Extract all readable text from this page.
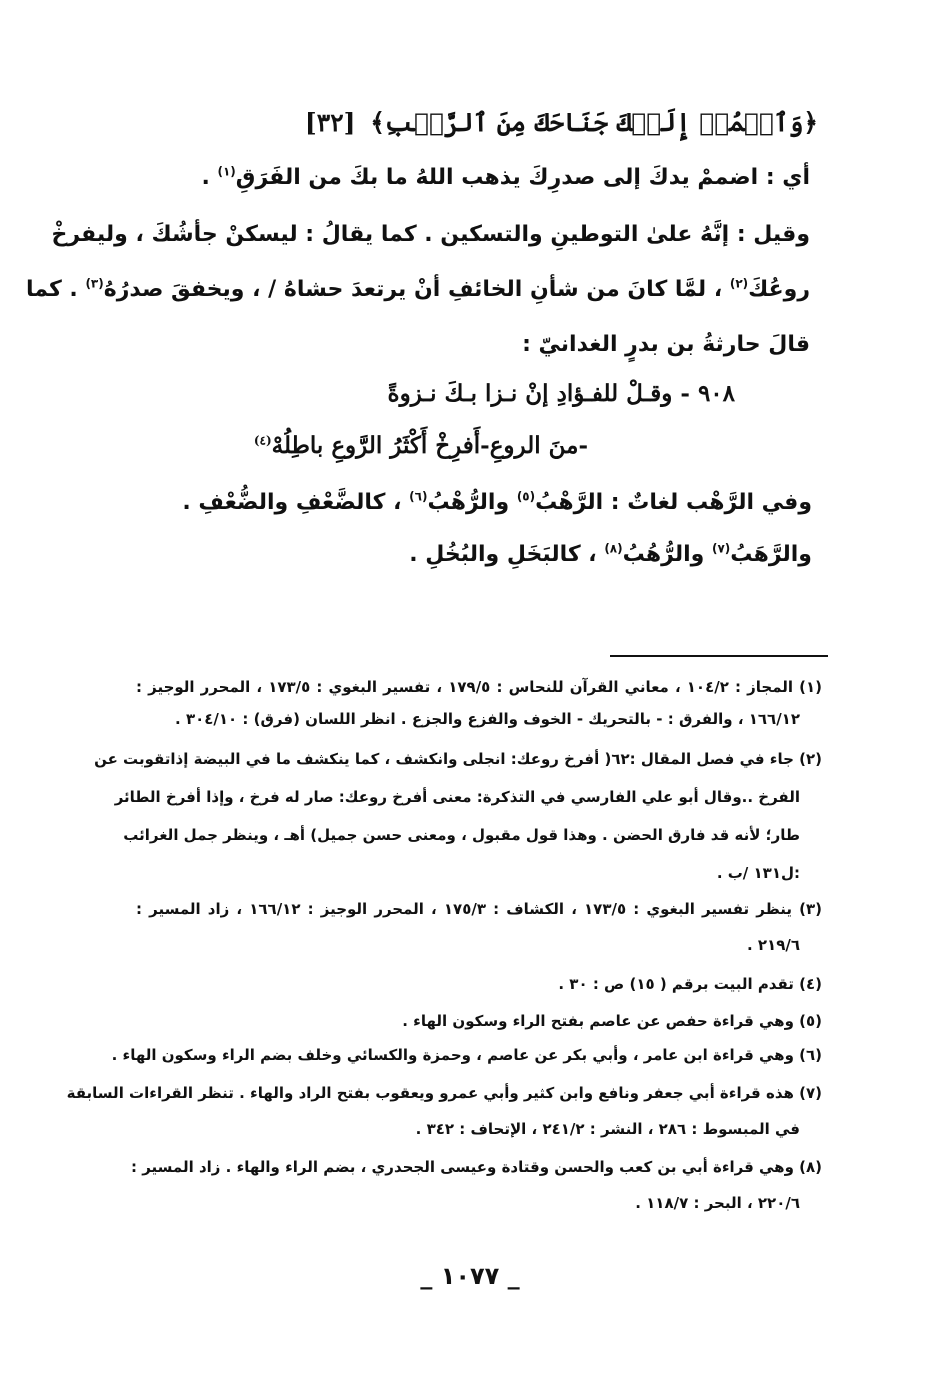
﴿وَٱضۡمُمۡ إِلَيۡكَ جَنَاحَكَ مِنَ ٱلرَّهۡبِ﴾ [٣٢]
أي : اضممْ يدكَ إلى صدرِكَ يذهب اللهُ ما بكَ من الفَرَقِ$^{(١)}$ .
وقيل : إنَّهُ علىٰ التوطينِ والتسكين . كما يقالُ : ليسكنْ جأشُكَ ، وليفرخْ
روعُكَ$^{(٢)}$ ، لمَّا كانَ من شأنِ الخائفِ أنْ يرتعدَ حشاهُ / ، ويخفقَ صدرُهُ$^{(٣)}$ . كما
قالَ حارثةُ بن بدرٍ الغدانيّ :
٩٠٨ - وقـلْ للفـؤادِ إنْ نـزا بـكَ نـزوةً
-منَ الروعِ-أَفرِخْ أَكْثَرُ الرَّوعِ باطِلُهْ$^{(٤)}$
وفي الرَّهْب لغاتٌ : الرَّهْبُ$^{(٥)}$ والرُّهْبُ$^{(٦)}$ ، كالضَّعْفِ والضُّعْفِ .
والرَّهَبُ$^{(٧)}$ والرُّهُبُ$^{(٨)}$ ، كالبَخَلِ والبُخُلِ .
(١) المجاز : ١٠٤/٢ ، معاني القرآن للنحاس : ١٧٩/٥ ، تفسير البغوي : ١٧٣/٥ ، المحرر الوجيز :
١٦٦/١٢ ، والفرق : - بالتحريك - الخوف والفزع والجزع . انظر اللسان (فرق) : ٣٠٤/١٠ .
(٢) جاء في فصل المقال :٦٢( أفرخ روعك: انجلى وانكشف ، كما ينكشف ما في البيضة إذاتقوبت عن
الفرخ ..وقال أبو علي الفارسي في التذكرة: معنى أفرخ روعك: صار له فرخ ، وإذا أفرخ الطائر
طار؛ لأنه قد فارق الحضن . وهذا قول مقبول ، ومعنى حسن جميل) أهـ ، وينظر جمل الغرائب
:ل١٣١ /ب .
(٣) ينظر تفسير البغوي : ١٧٣/٥ ، الكشاف : ١٧٥/٣ ، المحرر الوجيز : ١٦٦/١٢ ، زاد المسير :
٢١٩/٦ .
(٤) تقدم البيت برقم ( ١٥) ص : ٣٠ .
(٥) وهي قراءة حفص عن عاصم بفتح الراء وسكون الهاء .
(٦) وهي قراءة ابن عامر ، وأبي بكر عن عاصم ، وحمزة والكسائي وخلف بضم الراء وسكون الهاء .
(٧) هذه قراءة أبي جعفر ونافع وابن كثير وأبي عمرو ويعقوب بفتح الراد والهاء . تنظر القراءات السابقة
في المبسوط : ٢٨٦ ، النشر : ٢٤١/٢ ، الإتحاف : ٣٤٢ .
(٨) وهي قراءة أبي بن كعب والحسن وقتادة وعيسى الجحدري ، بضم الراء والهاء . زاد المسير :
٢٢٠/٦ ، البحر : ١١٨/٧ .
_ ١٠٧٧ _
